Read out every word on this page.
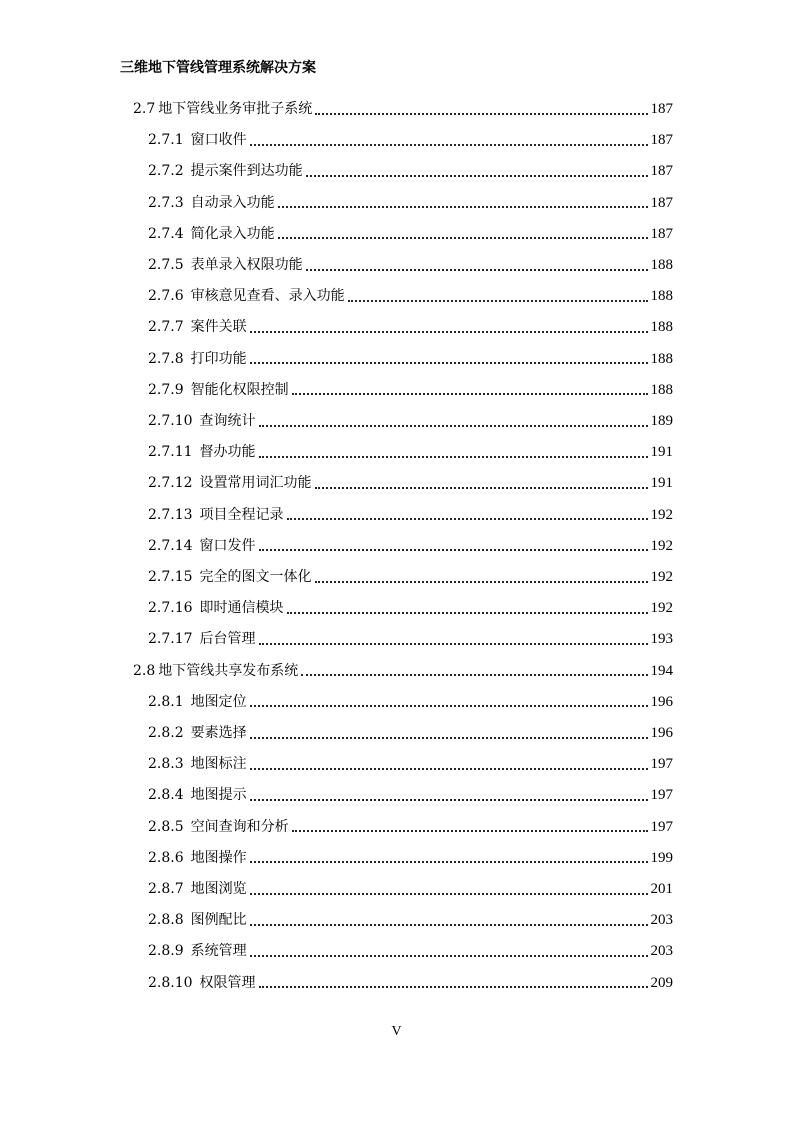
三维地下管线管理系统解决方案
2.7 地下管线业务审批子系统	187
2.7.1 窗口收件	187
2.7.2 提示案件到达功能	187
2.7.3 自动录入功能	187
2.7.4 简化录入功能	187
2.7.5 表单录入权限功能	188
2.7.6 审核意见查看、录入功能	188
2.7.7 案件关联	188
2.7.8 打印功能	188
2.7.9 智能化权限控制	188
2.7.10 查询统计	189
2.7.11 督办功能	191
2.7.12 设置常用词汇功能	191
2.7.13 项目全程记录	192
2.7.14 窗口发件	192
2.7.15 完全的图文一体化	192
2.7.16 即时通信模块	192
2.7.17 后台管理	193
2.8 地下管线共享发布系统	194
2.8.1 地图定位	196
2.8.2 要素选择	196
2.8.3 地图标注	197
2.8.4 地图提示	197
2.8.5 空间查询和分析	197
2.8.6 地图操作	199
2.8.7 地图浏览	201
2.8.8 图例配比	203
2.8.9 系统管理	203
2.8.10 权限管理	209
V
